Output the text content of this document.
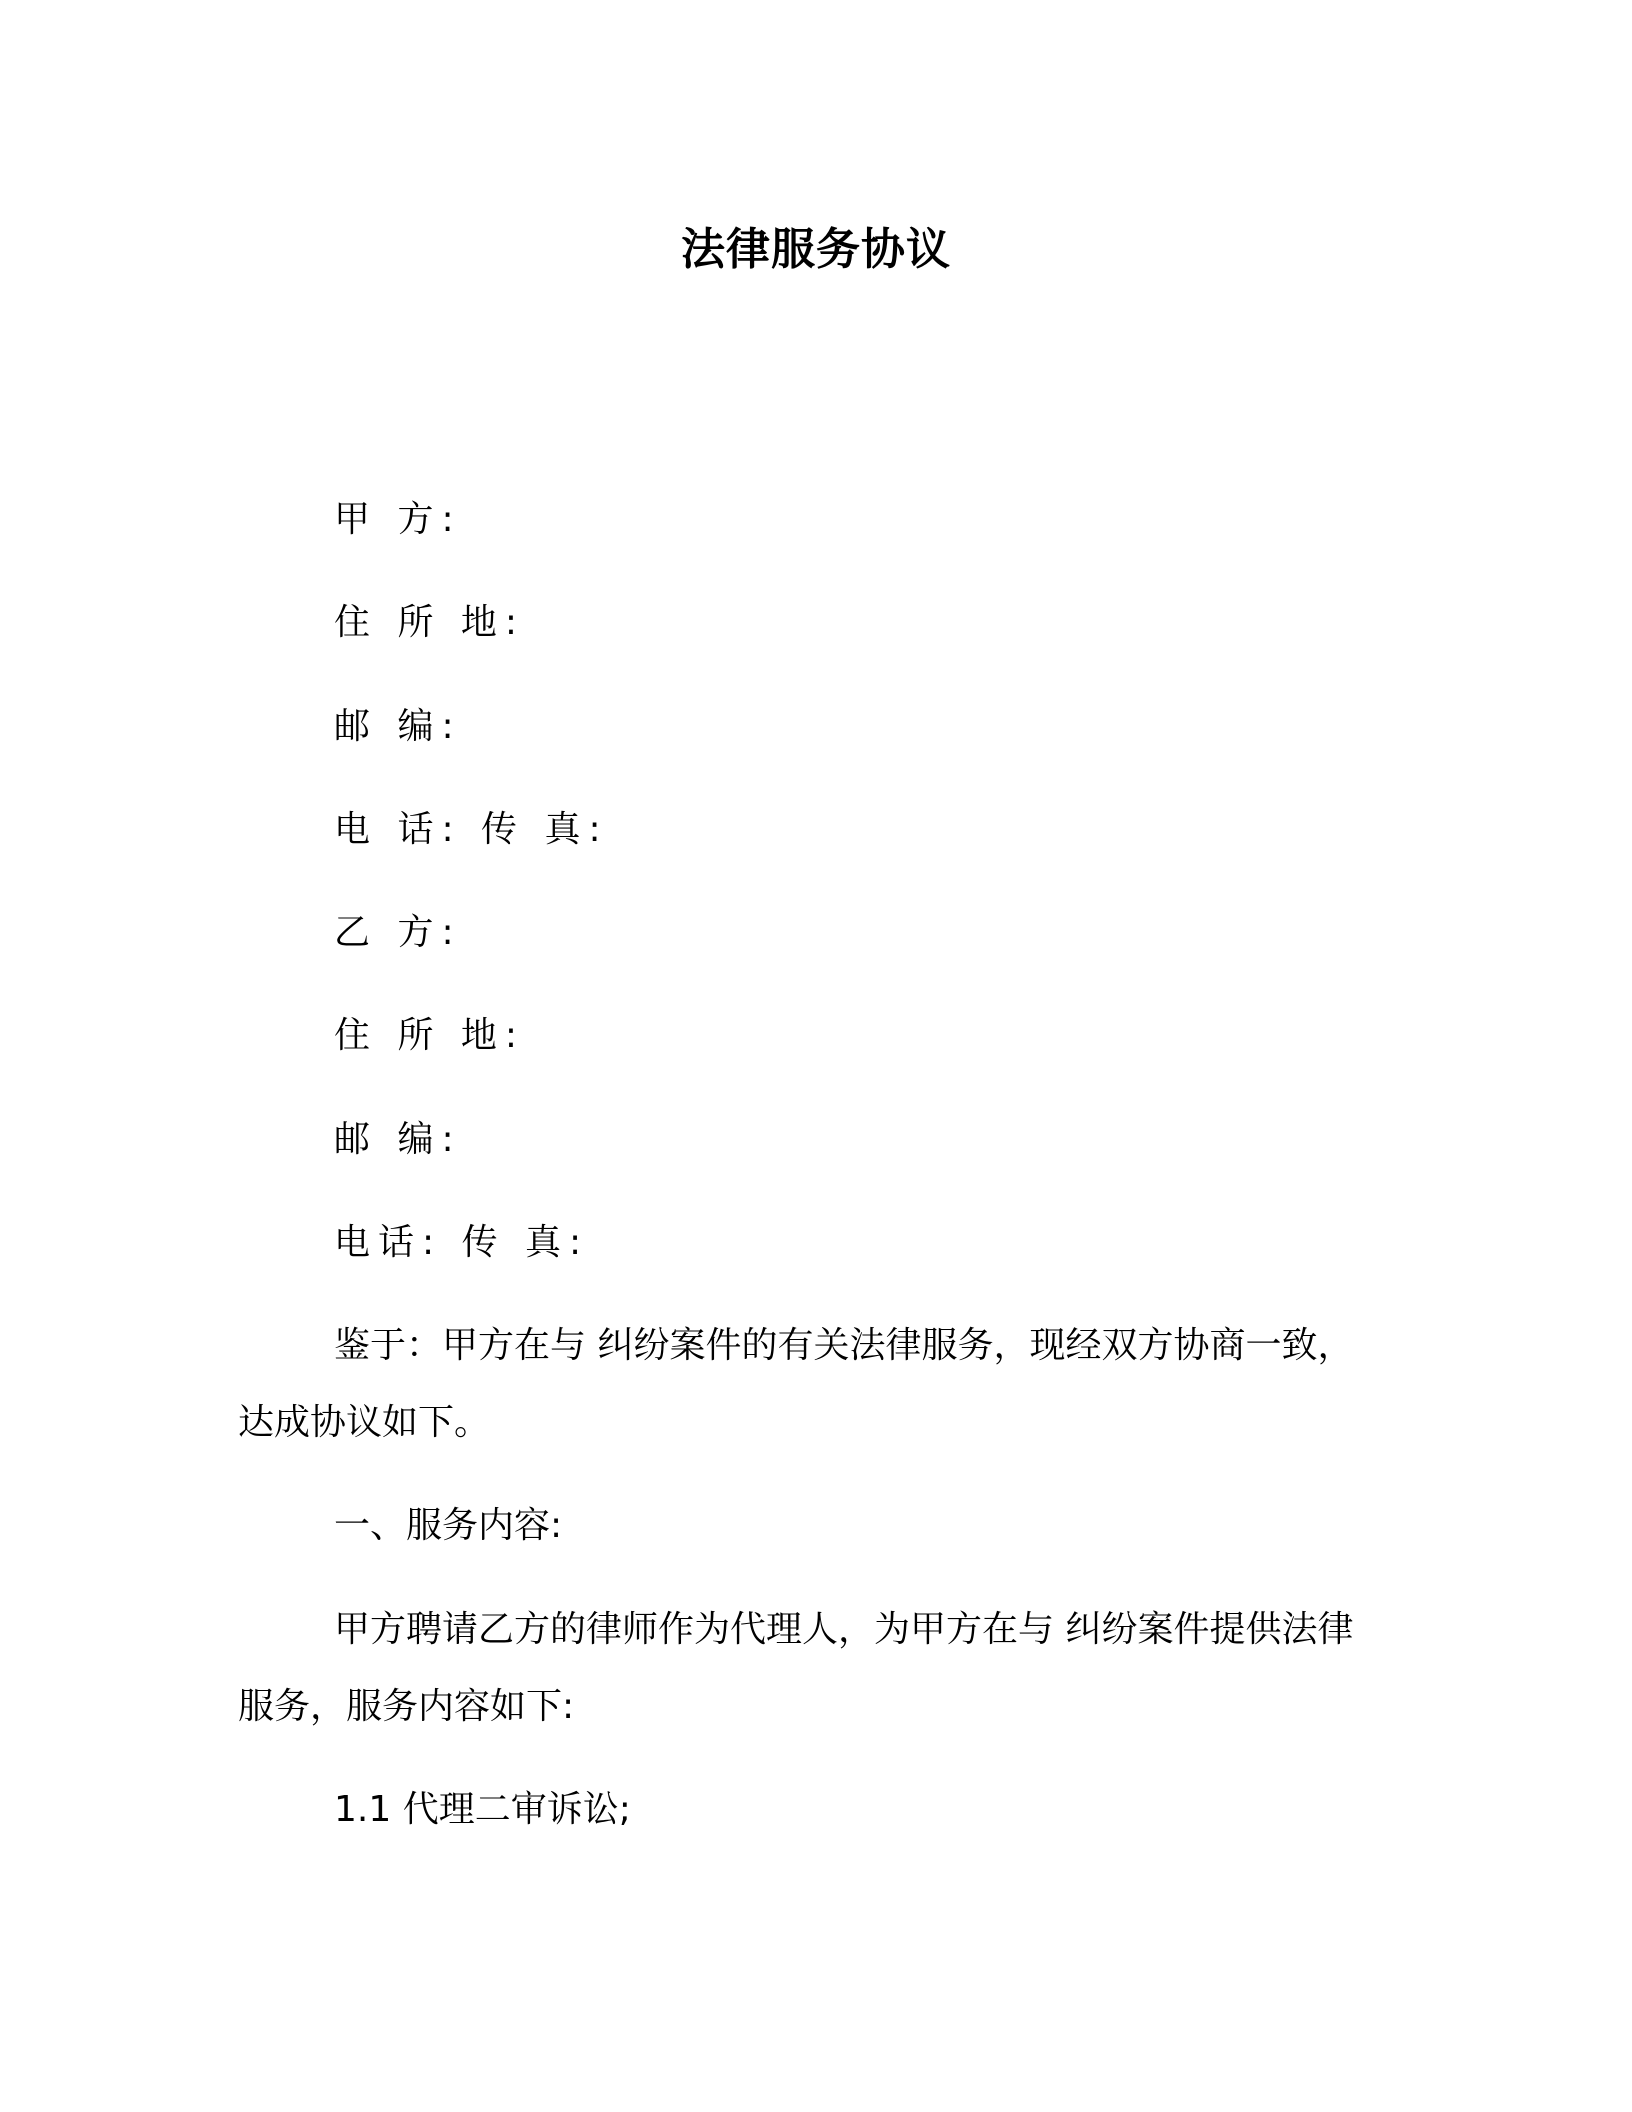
法律服务协议
甲 方:
住 所 地:
邮 编:
电 话: 传 真:
乙 方:
住 所 地:
邮 编:
电话: 传 真:
鉴于：甲方在与 纠纷案件的有关法律服务，现经双方协商一致，
达成协议如下。
一、服务内容:
甲方聘请乙方的律师作为代理人，为甲方在与 纠纷案件提供法律
服务，服务内容如下:
1.1 代理二审诉讼;
